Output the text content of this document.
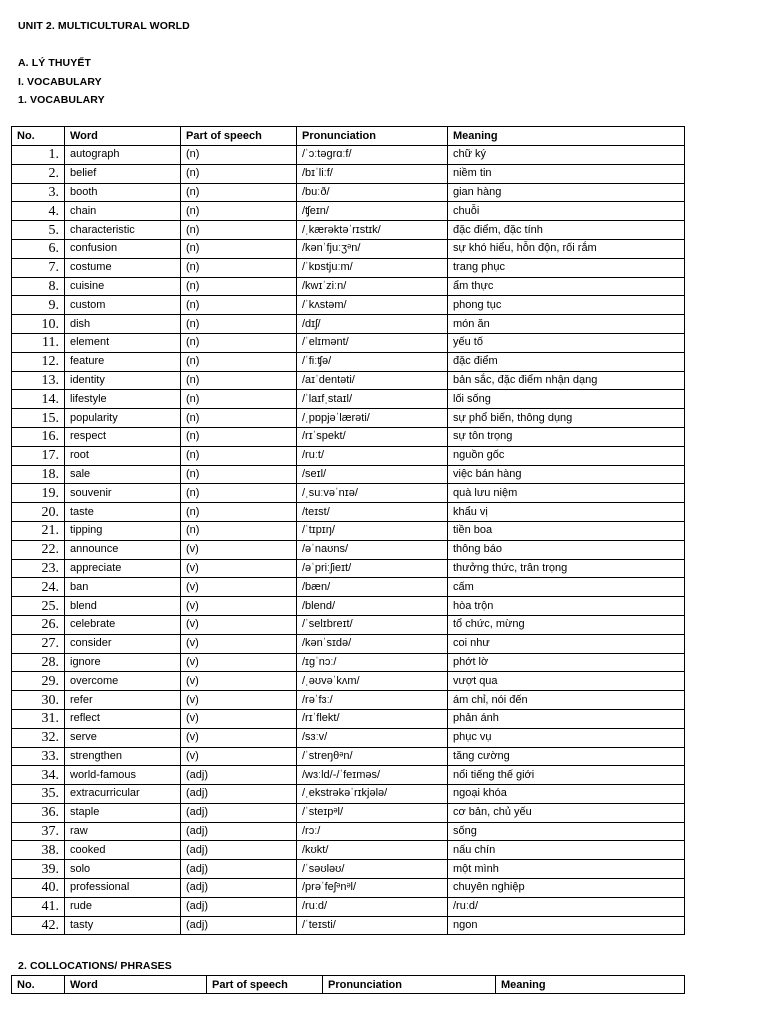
UNIT 2. MULTICULTURAL WORLD
A. LÝ THUYẾT
I. VOCABULARY
1. VOCABULARY
No.	Word	Part of speech	Pronunciation	Meaning
1.	autograph	(n)	/ˈɔːtəɡrɑːf/	chữ ký
2.	belief	(n)	/bɪˈliːf/	niềm tin
3.	booth	(n)	/buːð/	gian hàng
4.	chain	(n)	/ʧeɪn/	chuỗi
5.	characteristic	(n)	/ˌkærəktəˈrɪstɪk/	đặc điểm, đặc tính
6.	confusion	(n)	/kənˈfjuːʒᵊn/	sự khó hiểu, hỗn độn, rối rắm
7.	costume	(n)	/ˈkɒstjuːm/	trang phục
8.	cuisine	(n)	/kwɪˈziːn/	ẩm thực
9.	custom	(n)	/ˈkʌstəm/	phong tục
10.	dish	(n)	/dɪʃ/	món ăn
11.	element	(n)	/ˈelɪmənt/	yếu tố
12.	feature	(n)	/ˈfiːʧə/	đặc điểm
13.	identity	(n)	/aɪˈdentəti/	bản sắc, đặc điểm nhận dạng
14.	lifestyle	(n)	/ˈlaɪfˌstaɪl/	lối sống
15.	popularity	(n)	/ˌpɒpjəˈlærəti/	sự phổ biến, thông dụng
16.	respect	(n)	/rɪˈspekt/	sự tôn trọng
17.	root	(n)	/ruːt/	nguồn gốc
18.	sale	(n)	/seɪl/	việc bán hàng
19.	souvenir	(n)	/ˌsuːvəˈnɪə/	quà lưu niệm
20.	taste	(n)	/teɪst/	khẩu vị
21.	tipping	(n)	/ˈtɪpɪŋ/	tiền boa
22.	announce	(v)	/əˈnaʊns/	thông báo
23.	appreciate	(v)	/əˈpriːʃieɪt/	thưởng thức, trân trọng
24.	ban	(v)	/bæn/	cấm
25.	blend	(v)	/blend/	hòa trộn
26.	celebrate	(v)	/ˈselɪbreɪt/	tổ chức, mừng
27.	consider	(v)	/kənˈsɪdə/	coi như
28.	ignore	(v)	/ɪɡˈnɔː/	phớt lờ
29.	overcome	(v)	/ˌəʊvəˈkʌm/	vượt qua
30.	refer	(v)	/rəˈfɜː/	ám chỉ, nói đến
31.	reflect	(v)	/rɪˈflekt/	phản ánh
32.	serve	(v)	/sɜːv/	phục vụ
33.	strengthen	(v)	/ˈstreŋθᵊn/	tăng cường
34.	world-famous	(adj)	/wɜːld/-/ˈfeɪməs/	nổi tiếng thế giới
35.	extracurricular	(adj)	/ˌekstrəkəˈrɪkjələ/	ngoại khóa
36.	staple	(adj)	/ˈsteɪpᵊl/	cơ bản, chủ yếu
37.	raw	(adj)	/rɔː/	sống
38.	cooked	(adj)	/kʊkt/	nấu chín
39.	solo	(adj)	/ˈsəʊləʊ/	một mình
40.	professional	(adj)	/prəˈfeʃᵊnᵊl/	chuyên nghiệp
41.	rude	(adj)	/ruːd/	/ruːd/
42.	tasty	(adj)	/ˈteɪsti/	ngon
2. COLLOCATIONS/ PHRASES
No.	Word	Part of speech	Pronunciation	Meaning
